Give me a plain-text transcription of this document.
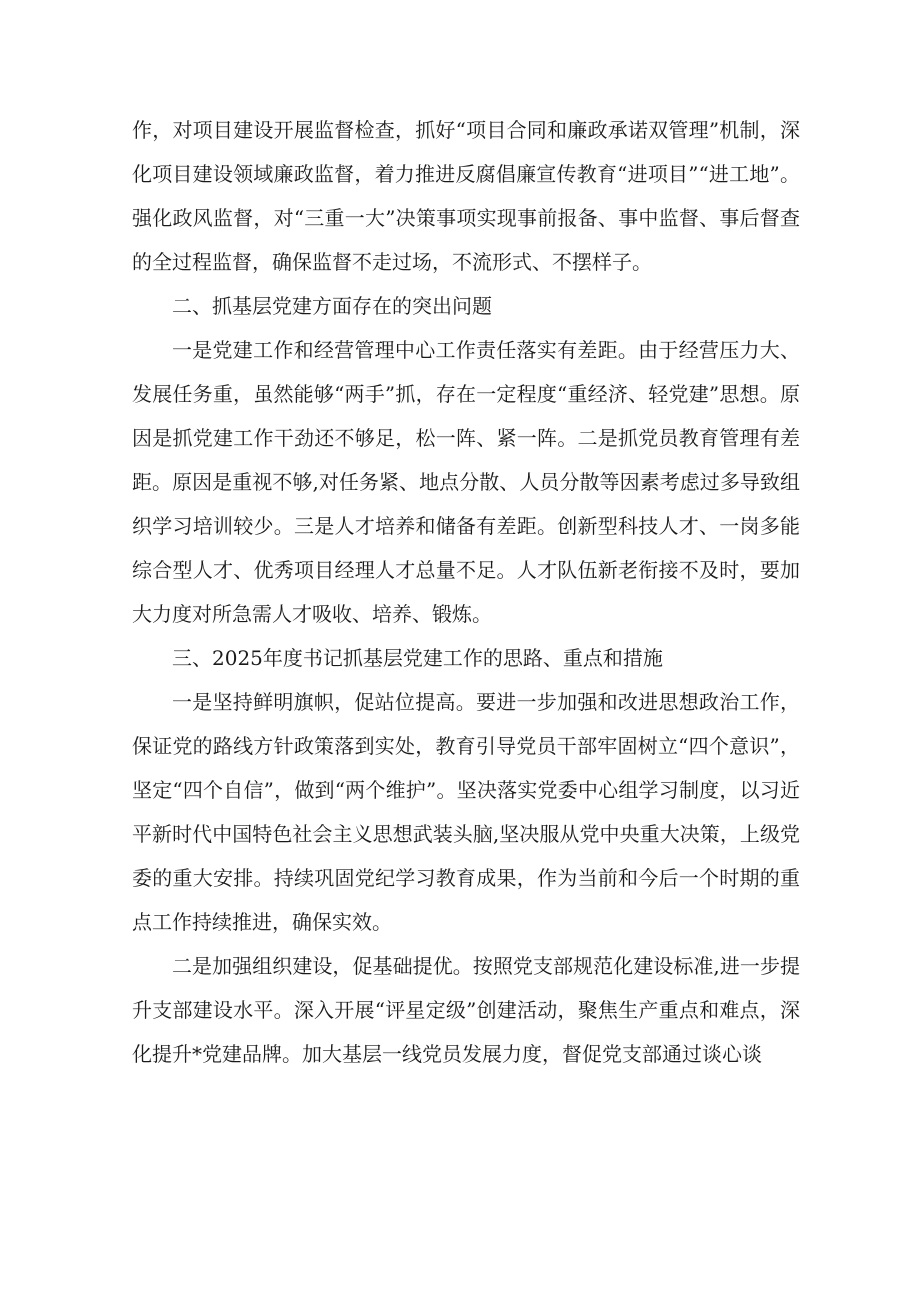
作，对项目建设开展监督检查，抓好“项目合同和廉政承诺双管理”机制，深化项目建设领域廉政监督，着力推进反腐倡廉宣传教育“进项目”“进工地”。强化政风监督，对“三重一大”决策事项实现事前报备、事中监督、事后督查的全过程监督，确保监督不走过场，不流形式、不摆样子。

二、抓基层党建方面存在的突出问题

一是党建工作和经营管理中心工作责任落实有差距。由于经营压力大、发展任务重，虽然能够“两手”抓，存在一定程度“重经济、轻党建”思想。原因是抓党建工作干劲还不够足，松一阵、紧一阵。二是抓党员教育管理有差距。原因是重视不够,对任务紧、地点分散、人员分散等因素考虑过多导致组织学习培训较少。三是人才培养和储备有差距。创新型科技人才、一岗多能综合型人才、优秀项目经理人才总量不足。人才队伍新老衔接不及时，要加大力度对所急需人才吸收、培养、锻炼。

三、2025年度书记抓基层党建工作的思路、重点和措施

一是坚持鲜明旗帜，促站位提高。要进一步加强和改进思想政治工作，保证党的路线方针政策落到实处，教育引导党员干部牢固树立“四个意识”，坚定“四个自信”，做到“两个维护”。坚决落实党委中心组学习制度，以习近平新时代中国特色社会主义思想武装头脑,坚决服从党中央重大决策，上级党委的重大安排。持续巩固党纪学习教育成果，作为当前和今后一个时期的重点工作持续推进，确保实效。

二是加强组织建设，促基础提优。按照党支部规范化建设标准,进一步提升支部建设水平。深入开展“评星定级”创建活动，聚焦生产重点和难点，深化提升*党建品牌。加大基层一线党员发展力度，督促党支部通过谈心谈
